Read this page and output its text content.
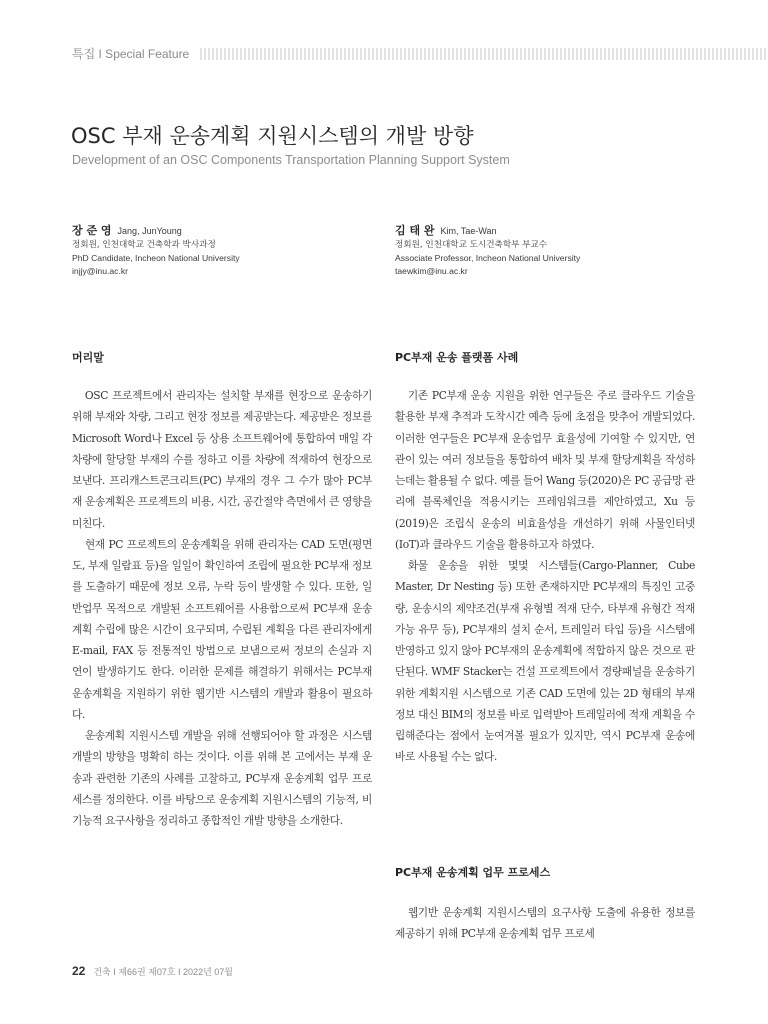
특집 I Special Feature
OSC 부재 운송계획 지원시스템의 개발 방향
Development of an OSC Components Transportation Planning Support System
장 준 영 Jang, JunYoung
정회원, 인천대학교 건축학과 박사과정
PhD Candidate, Incheon National University
injjy@inu.ac.kr
김 태 완 Kim, Tae-Wan
정회원, 인천대학교 도시건축학부 부교수
Associate Professor, Incheon National University
taewkim@inu.ac.kr
머리말

OSC 프로젝트에서 관리자는 설치할 부재를 현장으로 운송하기 위해 부재와 차량, 그리고 현장 정보를 제공받는다. 제공받은 정보를 Microsoft Word나 Excel 등 상용 소프트웨어에 통합하여 매일 각 차량에 할당할 부재의 수를 정하고 이를 차량에 적재하여 현장으로 보낸다. 프리캐스트콘크리트(PC) 부재의 경우 그 수가 많아 PC부재 운송계획은 프로젝트의 비용, 시간, 공간절약 측면에서 큰 영향을 미친다.

현재 PC 프로젝트의 운송계획을 위해 관리자는 CAD 도면(평면도, 부재 일람표 등)을 일일이 확인하여 조립에 필요한 PC부재 정보를 도출하기 때문에 정보 오류, 누락 등이 발생할 수 있다. 또한, 일반업무 목적으로 개발된 소프트웨어를 사용함으로써 PC부재 운송계획 수립에 많은 시간이 요구되며, 수립된 계획을 다른 관리자에게 E-mail, FAX 등 전통적인 방법으로 보냄으로써 정보의 손실과 지연이 발생하기도 한다. 이러한 문제를 해결하기 위해서는 PC부재 운송계획을 지원하기 위한 웹기반 시스템의 개발과 활용이 필요하다.

운송계획 지원시스템 개발을 위해 선행되어야 할 과정은 시스템 개발의 방향을 명확히 하는 것이다. 이를 위해 본 고에서는 부재 운송과 관련한 기존의 사례를 고찰하고, PC부재 운송계획 업무 프로세스를 정의한다. 이를 바탕으로 운송계획 지원시스템의 기능적, 비기능적 요구사항을 정리하고 종합적인 개발 방향을 소개한다.

PC부재 운송 플랫폼 사례

기존 PC부재 운송 지원을 위한 연구들은 주로 클라우드 기술을 활용한 부재 추적과 도착시간 예측 등에 초점을 맞추어 개발되었다. 이러한 연구들은 PC부재 운송업무 효율성에 기여할 수 있지만, 연관이 있는 여러 정보들을 통합하여 배차 및 부재 할당계획을 작성하는데는 활용될 수 없다. 예를 들어 Wang 등(2020)은 PC 공급망 관리에 블록체인을 적용시키는 프레임워크를 제안하였고, Xu 등(2019)은 조립식 운송의 비효율성을 개선하기 위해 사물인터넷(IoT)과 클라우드 기술을 활용하고자 하였다.

화물 운송을 위한 몇몇 시스템들(Cargo-Planner, Cube Master, Dr Nesting 등) 또한 존재하지만 PC부재의 특징인 고중량, 운송시의 제약조건(부재 유형별 적재 단수, 타부재 유형간 적재 가능 유무 등), PC부재의 설치 순서, 트레일러 타입 등)을 시스템에 반영하고 있지 않아 PC부재의 운송계획에 적합하지 않은 것으로 판단된다. WMF Stacker는 건설 프로젝트에서 경량패널을 운송하기 위한 계획지원 시스템으로 기존 CAD 도면에 있는 2D 형태의 부재 정보 대신 BIM의 정보를 바로 입력받아 트레일러에 적재 계획을 수립해준다는 점에서 눈여겨볼 필요가 있지만, 역시 PC부재 운송에 바로 사용될 수는 없다.

PC부재 운송계획 업무 프로세스

웹기반 운송계획 지원시스템의 요구사항 도출에 유용한 정보를 제공하기 위해 PC부재 운송계획 업무 프로세

22 건축 I 제66권 제07호 I 2022년 07월
